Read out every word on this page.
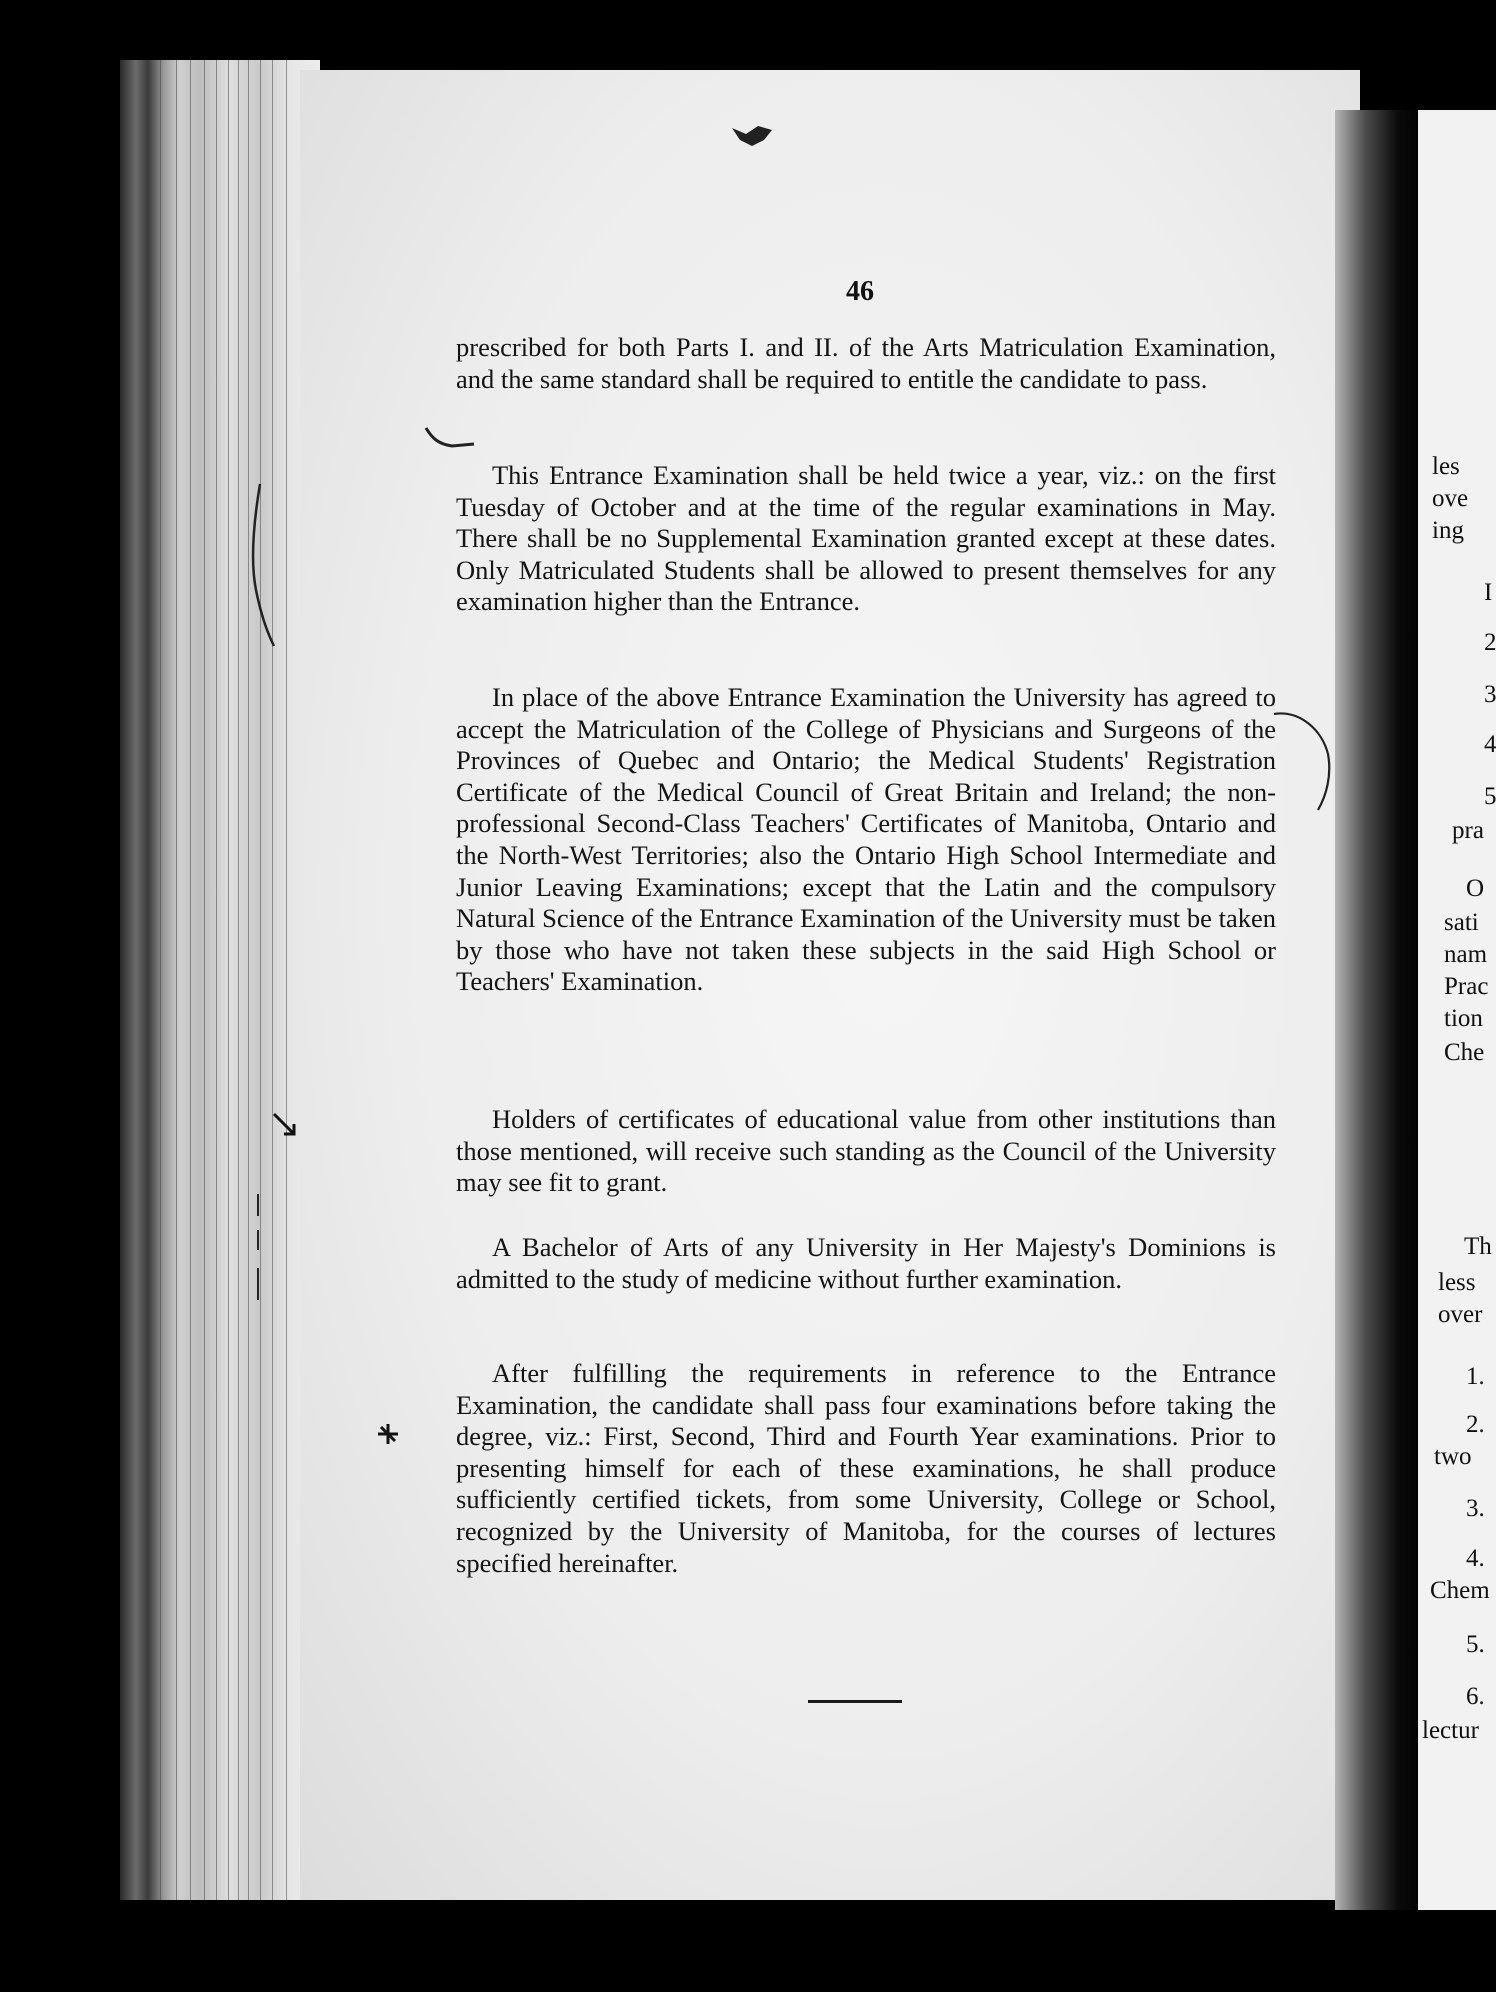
46

prescribed for both Parts I. and II. of the Arts Matriculation Examination, and the same standard shall be required to entitle the candidate to pass.

This Entrance Examination shall be held twice a year, viz.: on the first Tuesday of October and at the time of the regular examinations in May. There shall be no Supplemental Examination granted except at these dates. Only Matriculated Students shall be allowed to present themselves for any examination higher than the Entrance.

In place of the above Entrance Examination the University has agreed to accept the Matriculation of the College of Physicians and Surgeons of the Provinces of Quebec and Ontario; the Medical Students' Registration Certificate of the Medical Council of Great Britain and Ireland; the non-professional Second-Class Teachers' Certificates of Manitoba, Ontario and the North-West Territories; also the Ontario High School Intermediate and Junior Leaving Examinations; except that the Latin and the compulsory Natural Science of the Entrance Examination of the University must be taken by those who have not taken these subjects in the said High School or Teachers' Examination.

Holders of certificates of educational value from other institutions than those mentioned, will receive such standing as the Council of the University may see fit to grant.

A Bachelor of Arts of any University in Her Majesty's Dominions is admitted to the study of medicine without further examination.

After fulfilling the requirements in reference to the Entrance Examination, the candidate shall pass four examinations before taking the degree, viz.: First, Second, Third and Fourth Year examinations. Prior to presenting himself for each of these examinations, he shall produce sufficiently certified tickets, from some University, College or School, recognized by the University of Manitoba, for the courses of lectures specified hereinafter.

les
ove
ing
I
2
3
4
5
pra
O
sati
nam
Prac
tion
Che
Th
less
over
1.
2.
two
3.
4.
Chem
5.
6.
lectur
